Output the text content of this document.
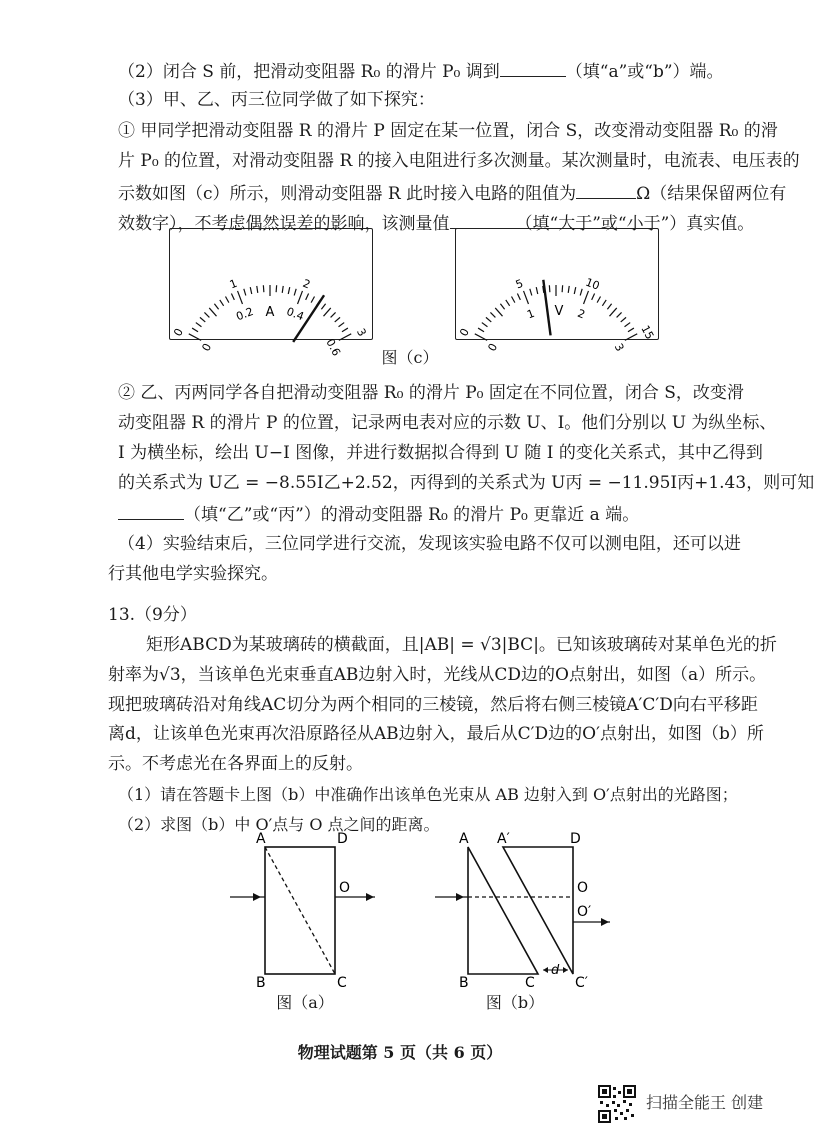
（2）闭合 S 前，把滑动变阻器 R₀ 的滑片 P₀ 调到	（填“a”或“b”）端。
（3）甲、乙、丙三位同学做了如下探究：
① 甲同学把滑动变阻器 R 的滑片 P 固定在某一位置，闭合 S，改变滑动变阻器 R₀ 的滑
片 P₀ 的位置，对滑动变阻器 R 的接入电阻进行多次测量。某次测量时，电流表、电压表的
示数如图（c）所示，则滑动变阻器 R 此时接入电路的阻值为	Ω（结果保留两位有
效数字），不考虑偶然误差的影响，该测量值	（填“大于”或“小于”）真实值。
0
1	2
3
0
0.2	0.4
0.6
A
0
5	10
15
0
1	2
3
V
图（c）
② 乙、丙两同学各自把滑动变阻器 R₀ 的滑片 P₀ 固定在不同位置，闭合 S，改变滑
动变阻器 R 的滑片 P 的位置，记录两电表对应的示数 U、I。他们分别以 U 为纵坐标、
I 为横坐标，绘出 U−I 图像，并进行数据拟合得到 U 随 I 的变化关系式，其中乙得到
的关系式为 U乙 = −8.55I乙+2.52，丙得到的关系式为 U丙 = −11.95I丙+1.43，则可知
（填“乙”或“丙”）的滑动变阻器 R₀ 的滑片 P₀ 更靠近 a 端。
（4）实验结束后，三位同学进行交流，发现该实验电路不仅可以测电阻，还可以进
行其他电学实验探究。
13.（9分）
矩形ABCD为某玻璃砖的横截面，且|AB| = √3|BC|。已知该玻璃砖对某单色光的折
射率为√3，当该单色光束垂直AB边射入时，光线从CD边的O点射出，如图（a）所示。
现把玻璃砖沿对角线AC切分为两个相同的三棱镜，然后将右侧三棱镜A′C′D向右平移距
离d，让该单色光束再次沿原路径从AB边射入，最后从C′D边的O′点射出，如图（b）所
示。不考虑光在各界面上的反射。
（1）请在答题卡上图（b）中准确作出该单色光束从 AB 边射入到 O′点射出的光路图；
（2）求图（b）中 O′点与 O 点之间的距离。
A	D
B	C
O
图（a）
A A′	D
B	C
d
C′
O
O′
图（b）
物理试题第 5 页（共 6 页）
扫描全能王 创建
